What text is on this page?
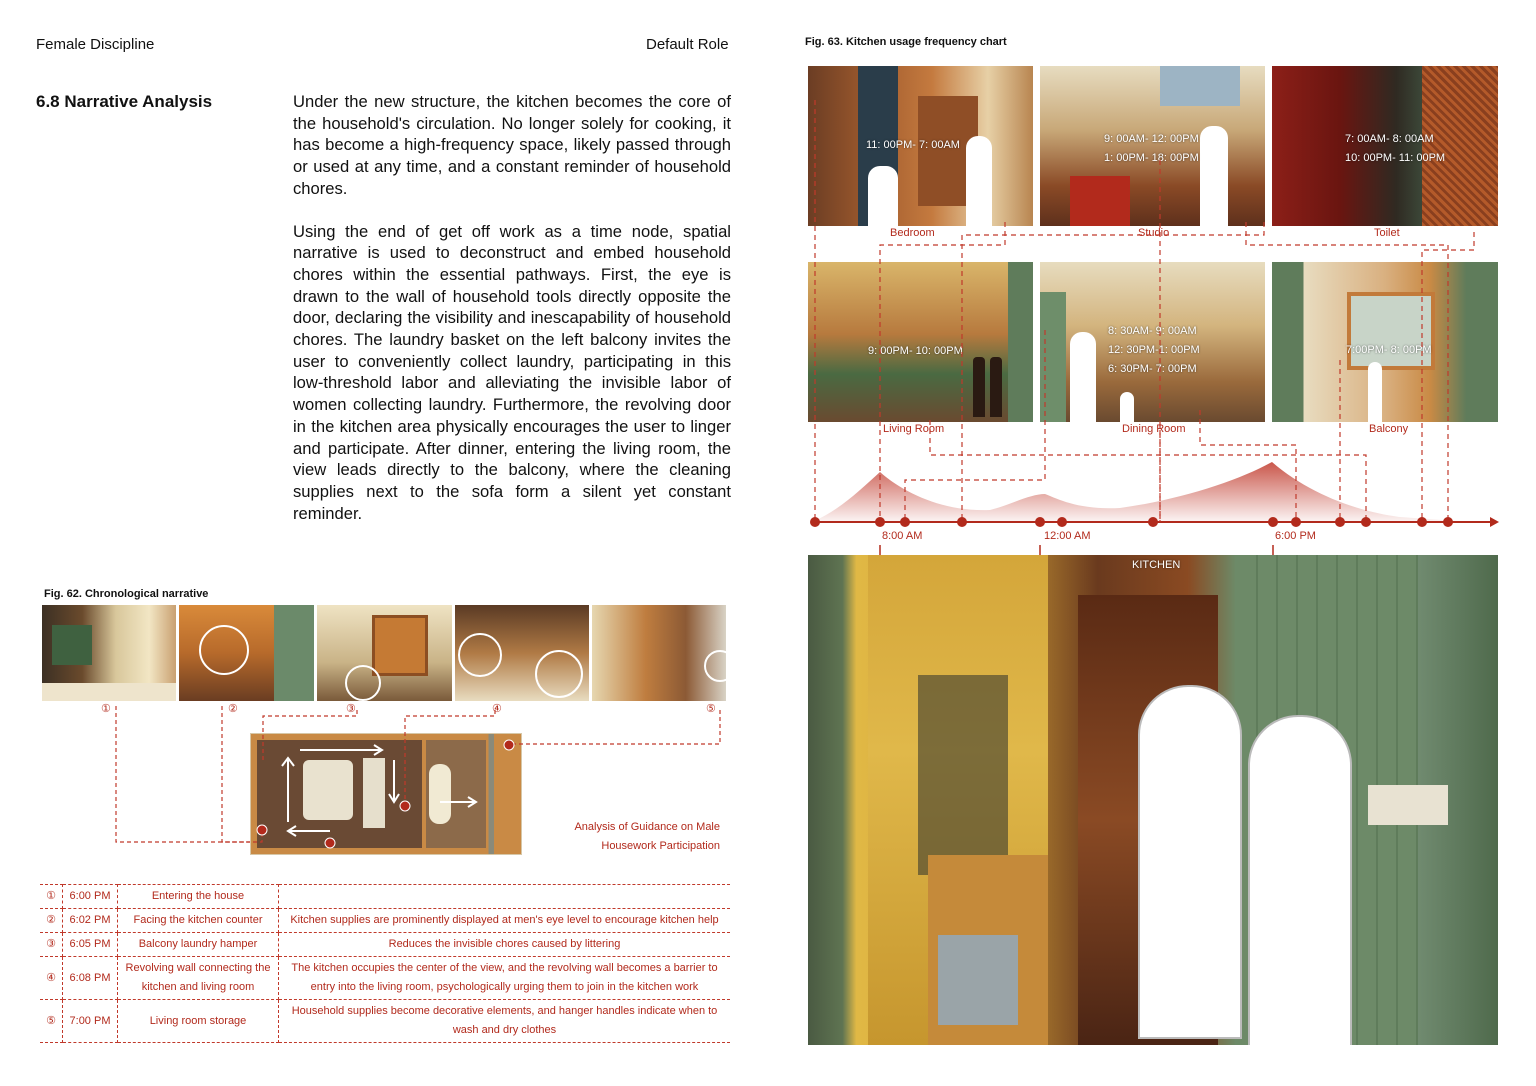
Female Discipline	Default Role
6.8 Narrative Analysis	Under the new structure, the kitchen becomes the core of the household's circulation. No longer solely for cooking, it has become a high-frequency space, likely passed through or used at any time, and a constant reminder of household chores.

Using the end of get off work as a time node, spatial narrative is used to deconstruct and embed household chores within the essential pathways. First, the eye is drawn to the wall of household tools directly opposite the door, declaring the visibility and inescapability of household chores. The laundry basket on the left balcony invites the user to conveniently collect laundry, participating in this low-threshold labor and alleviating the invisible labor of women collecting laundry. Furthermore, the revolving door in the kitchen area physically encourages the user to linger and participate. After dinner, entering the living room, the view leads directly to the balcony, where the cleaning supplies next to the sofa form a silent yet constant reminder.

Fig. 62. Chronological narrative
①	②	③	④	⑤
Analysis of Guidance on Male
Housework Participation
①	6:00 PM	Entering the house	
②	6:02 PM	Facing the kitchen counter	Kitchen supplies are prominently displayed at men's eye level to encourage kitchen help
③	6:05 PM	Balcony laundry hamper	Reduces the invisible chores caused by littering
④	6:08 PM	Revolving wall connecting the kitchen and living room	The kitchen occupies the center of the view, and the revolving wall becomes a barrier to entry into the living room, psychologically urging them to join in the kitchen work
⑤	7:00 PM	Living room storage	Household supplies become decorative elements, and hanger handles indicate when to wash and dry clothes
Fig. 63. Kitchen usage frequency chart
11: 00PM- 7: 00AM	9: 00AM- 12: 00PM
1: 00PM- 18: 00PM
7: 00AM- 8: 00AM
10: 00PM- 11: 00PM
9: 00PM- 10: 00PM
8: 30AM- 9: 00AM
12: 30PM-1: 00PM
6: 30PM- 7: 00PM
7:00PM- 8: 00PM
Bedroom	Studio	Toilet
Living Room	Dining Room	Balcony
8:00 AM	12:00 AM	6:00 PM
KITCHEN
